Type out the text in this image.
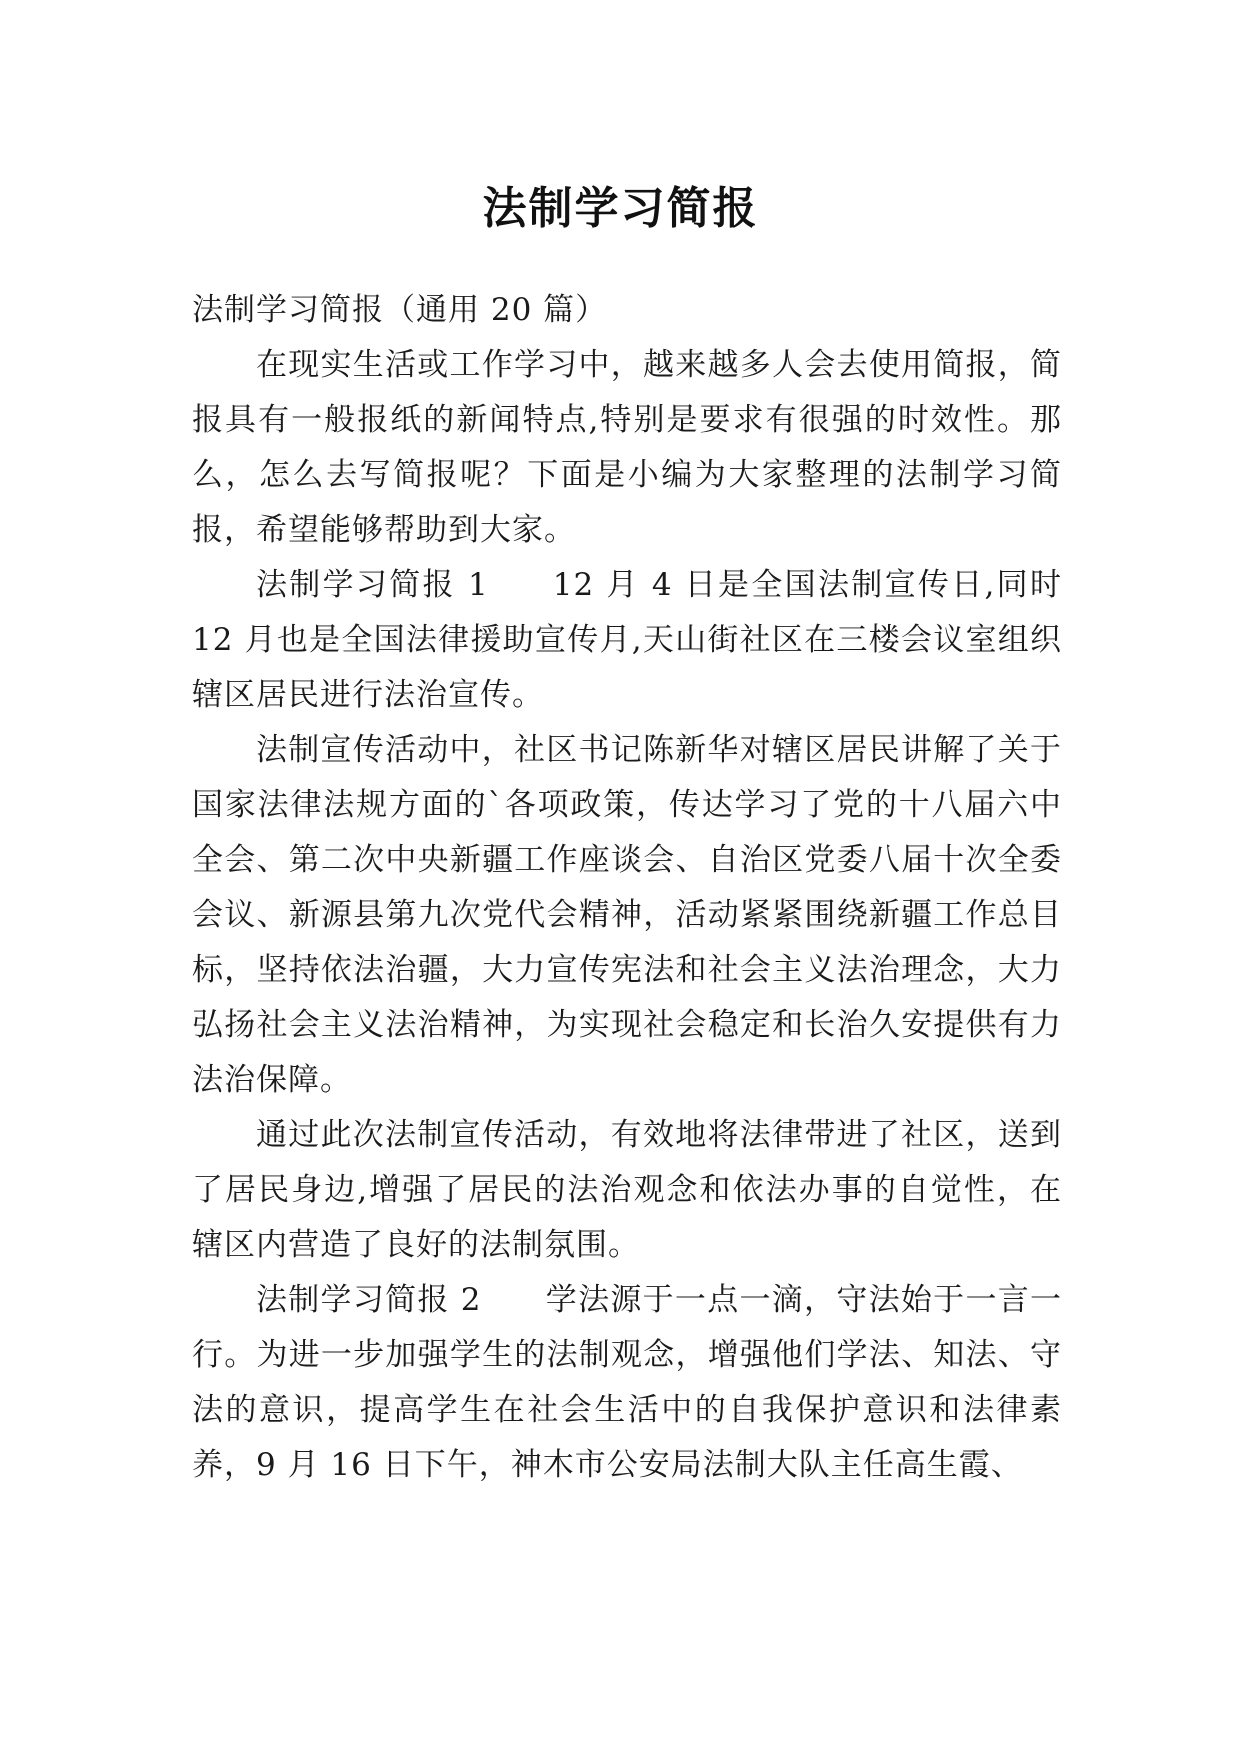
法制学习简报

法制学习简报（通用 20 篇）

在现实生活或工作学习中，越来越多人会去使用简报，简报具有一般报纸的新闻特点,特别是要求有很强的时效性。那么，怎么去写简报呢？下面是小编为大家整理的法制学习简报，希望能够帮助到大家。

法制学习简报 1 12 月 4 日是全国法制宣传日,同时 12 月也是全国法律援助宣传月,天山街社区在三楼会议室组织辖区居民进行法治宣传。

法制宣传活动中，社区书记陈新华对辖区居民讲解了关于国家法律法规方面的`各项政策，传达学习了党的十八届六中全会、第二次中央新疆工作座谈会、自治区党委八届十次全委会议、新源县第九次党代会精神，活动紧紧围绕新疆工作总目标，坚持依法治疆，大力宣传宪法和社会主义法治理念，大力弘扬社会主义法治精神，为实现社会稳定和长治久安提供有力法治保障。

通过此次法制宣传活动，有效地将法律带进了社区，送到了居民身边,增强了居民的法治观念和依法办事的自觉性，在辖区内营造了良好的法制氛围。

法制学习简报 2 学法源于一点一滴，守法始于一言一行。为进一步加强学生的法制观念，增强他们学法、知法、守法的意识，提高学生在社会生活中的自我保护意识和法律素养，9 月 16 日下午，神木市公安局法制大队主任高生霞、
